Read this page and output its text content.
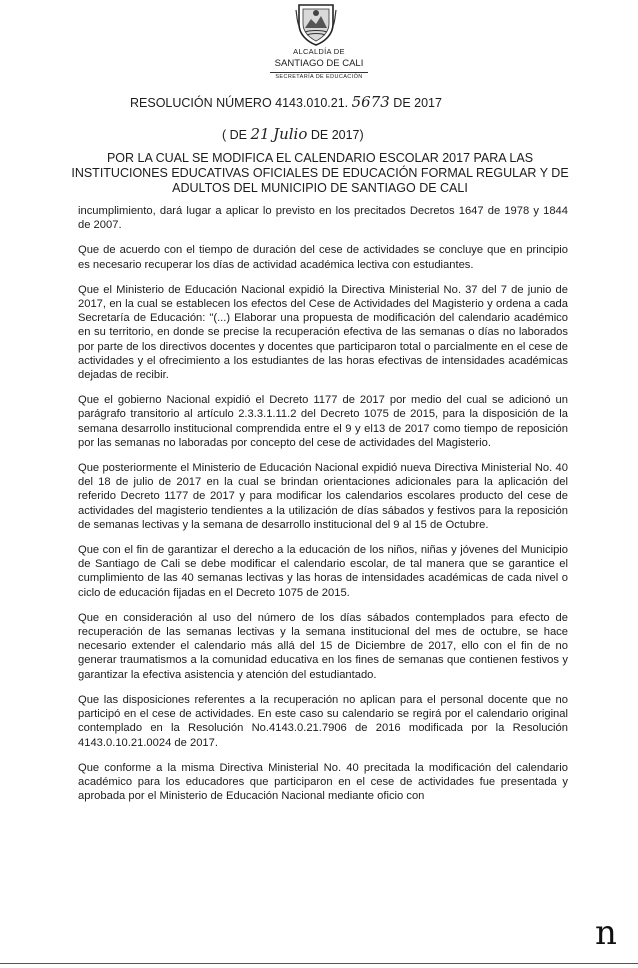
ALCALDÍA DE
SANTIAGO DE CALI
SECRETARÍA DE EDUCACIÓN
RESOLUCIÓN NÚMERO 4143.010.21. 5673 DE 2017
( DE 21 Julio DE 2017)
POR LA CUAL SE MODIFICA EL CALENDARIO ESCOLAR 2017 PARA LAS INSTITUCIONES EDUCATIVAS OFICIALES DE EDUCACIÓN FORMAL REGULAR Y DE ADULTOS DEL MUNICIPIO DE SANTIAGO DE CALI

incumplimiento, dará lugar a aplicar lo previsto en los precitados Decretos 1647 de 1978 y 1844 de 2007.

Que de acuerdo con el tiempo de duración del cese de actividades se concluye que en principio es necesario recuperar los días de actividad académica lectiva con estudiantes.

Que el Ministerio de Educación Nacional expidió la Directiva Ministerial No. 37 del 7 de junio de 2017, en la cual se establecen los efectos del Cese de Actividades del Magisterio y ordena a cada Secretaría de Educación: "(...) Elaborar una propuesta de modificación del calendario académico en su territorio, en donde se precise la recuperación efectiva de las semanas o días no laborados por parte de los directivos docentes y docentes que participaron total o parcialmente en el cese de actividades y el ofrecimiento a los estudiantes de las horas efectivas de intensidades académicas dejadas de recibir.

Que el gobierno Nacional expidió el Decreto 1177 de 2017 por medio del cual se adicionó un parágrafo transitorio al artículo 2.3.3.1.11.2 del Decreto 1075 de 2015, para la disposición de la semana desarrollo institucional comprendida entre el 9 y el13 de 2017 como tiempo de reposición por las semanas no laboradas por concepto del cese de actividades del Magisterio.

Que posteriormente el Ministerio de Educación Nacional expidió nueva Directiva Ministerial No. 40 del 18 de julio de 2017 en la cual se brindan orientaciones adicionales para la aplicación del referido Decreto 1177 de 2017 y para modificar los calendarios escolares producto del cese de actividades del magisterio tendientes a la utilización de días sábados y festivos para la reposición de semanas lectivas y la semana de desarrollo institucional del 9 al 15 de Octubre.

Que con el fin de garantizar el derecho a la educación de los niños, niñas y jóvenes del Municipio de Santiago de Cali se debe modificar el calendario escolar, de tal manera que se garantice el cumplimiento de las 40 semanas lectivas y las horas de intensidades académicas de cada nivel o ciclo de educación fijadas en el Decreto 1075 de 2015.

Que en consideración al uso del número de los días sábados contemplados para efecto de recuperación de las semanas lectivas y la semana institucional del mes de octubre, se hace necesario extender el calendario más allá del 15 de Diciembre de 2017, ello con el fin de no generar traumatismos a la comunidad educativa en los fines de semanas que contienen festivos y garantizar la efectiva asistencia y atención del estudiantado.

Que las disposiciones referentes a la recuperación no aplican para el personal docente que no participó en el cese de actividades. En este caso su calendario se regirá por el calendario original contemplado en la Resolución No.4143.0.21.7906 de 2016 modificada por la Resolución 4143.0.10.21.0024 de 2017.

Que conforme a la misma Directiva Ministerial No. 40 precitada la modificación del calendario académico para los educadores que participaron en el cese de actividades fue presentada y aprobada por el Ministerio de Educación Nacional mediante oficio con

n
